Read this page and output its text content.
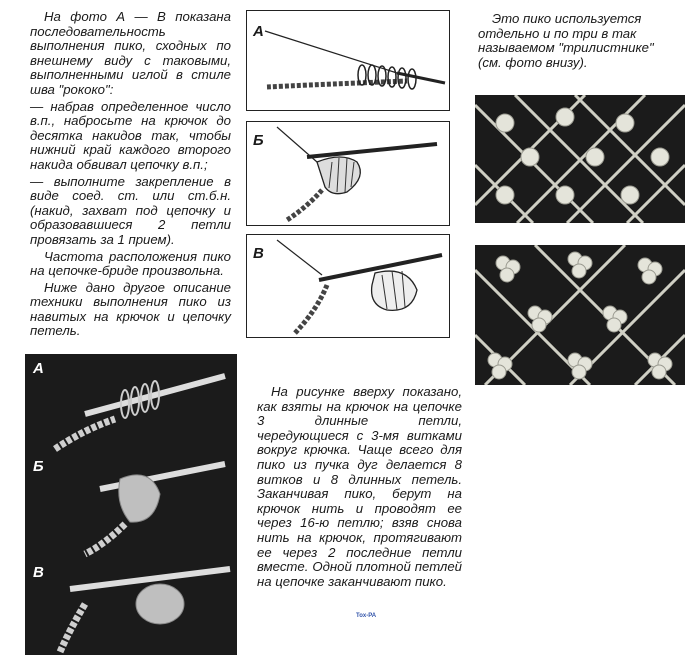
На фото А — В показана последовательность выполнения пико, сходных по внешнему виду с таковыми, выполненными иглой в стиле шва "рококо":

— набрав определенное число в.п., набросьте на крючок до десятка накидов так, чтобы нижний край каждого второго накида обвивал цепочку в.п.;

— выполните закрепление в виде соед. ст. или ст.б.н. (накид, захват под цепочку и образовавшиеся 2 петли провязать за 1 прием).

Частота расположения пико на цепочке-бриде произвольна.

Ниже дано другое описание техники выполнения пико из навитых на крючок и цепочку петель.

А
Б
В

Это пико используется отдельно и по три в так называемом "трилистнике" (см. фото внизу).

А
Б
В

На рисунке вверху показано, как взяты на крючок на цепочке 3 длинные петли, чередующиеся с 3-мя витками вокруг крючка. Чаще всего для пико из пучка дуг делается 8 витков и 8 длинных петель. Заканчивая пико, берут на крючок нить и проводят ее через 16-ю петлю; взяв снова нить на крючок, протягивают ее через 2 последние петли вместе. Одной плотной петлей на цепочке заканчивают пико.

Tox-PA
